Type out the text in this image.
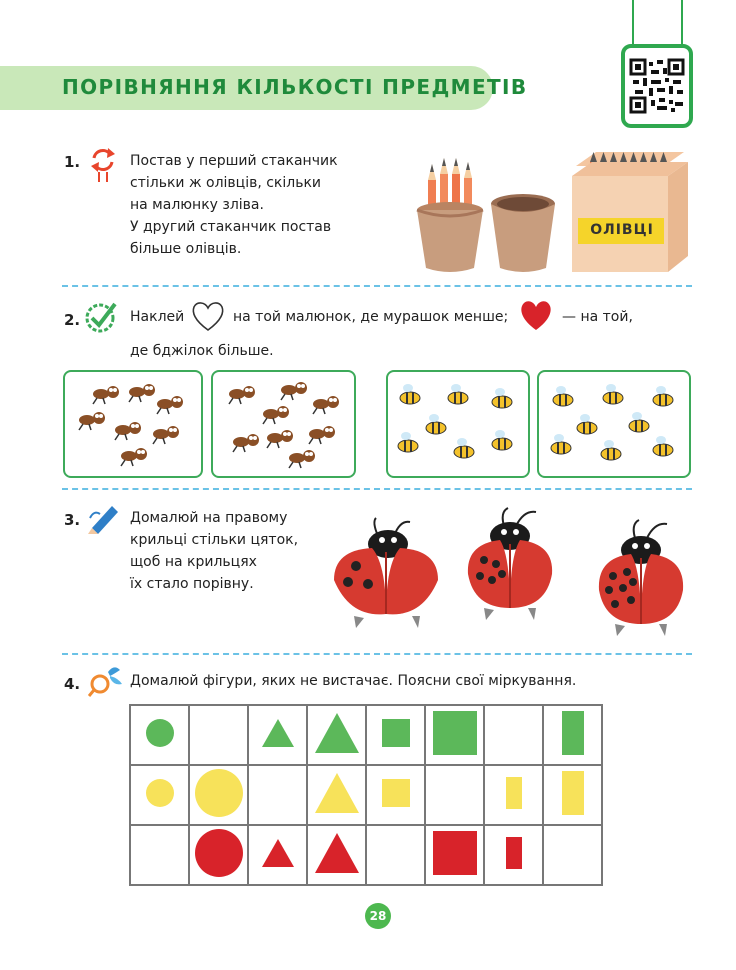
ПОРІВНЯННЯ КІЛЬКОСТІ ПРЕДМЕТІВ
1.	Постав у перший стаканчик
стільки ж олівців, скільки
на малюнку зліва.
У другий стаканчик постав
більше олівців.
ОЛІВЦІ
2.	Наклей	на той малюнок, де мурашок менше;	— на той,
де бджілок більше.
3.	Домалюй на правому
крильці стільки цяток,
щоб на крильцях
їх стало порівну.
4.	Домалюй фігури, яких не вистачає. Поясни свої міркування.

28
